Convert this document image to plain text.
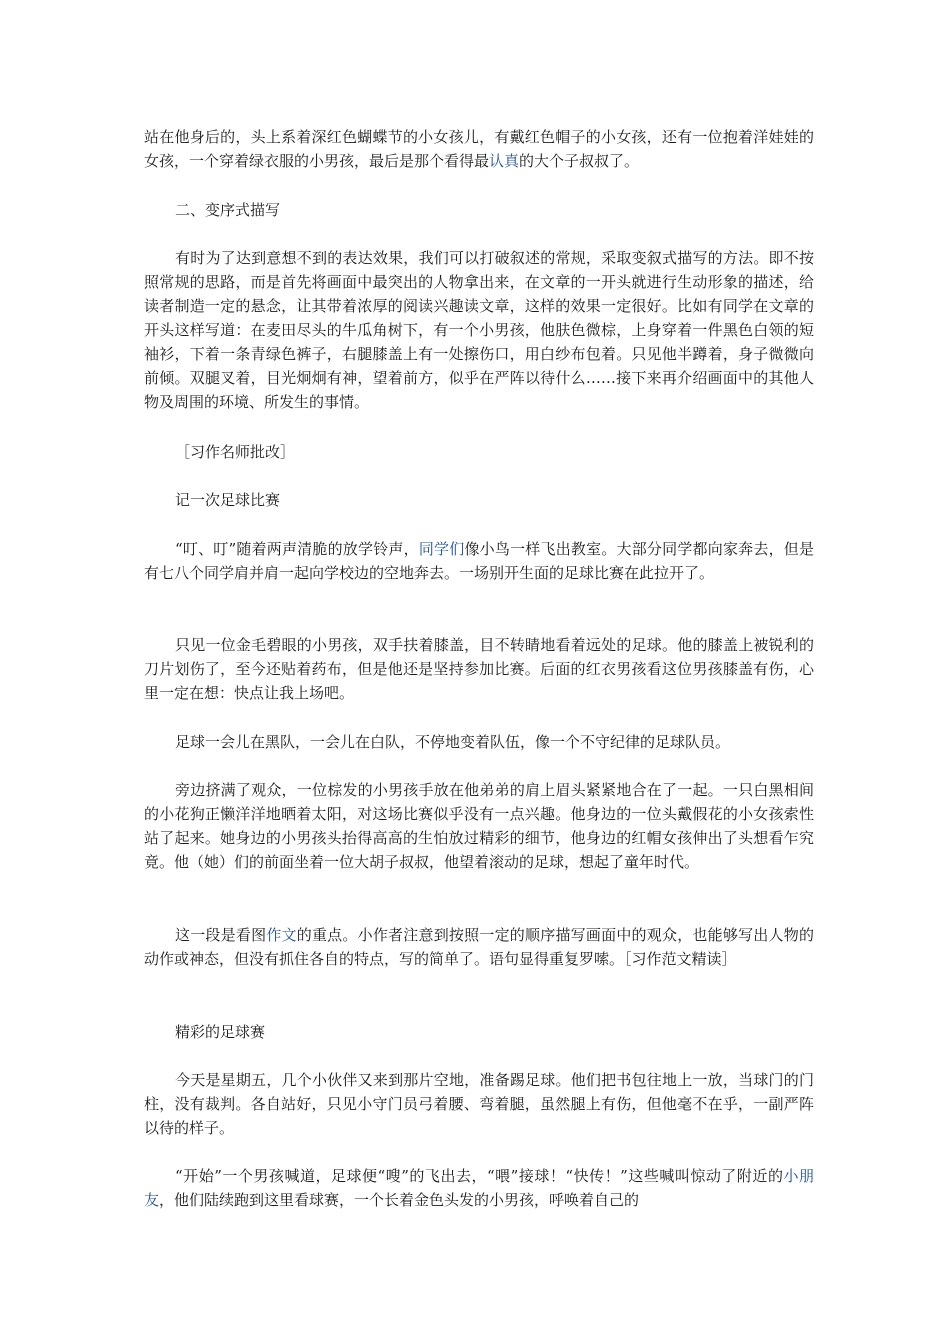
站在他身后的，头上系着深红色蝴蝶节的小女孩儿，有戴红色帽子的小女孩，还有一位抱着洋娃娃的女孩，一个穿着绿衣服的小男孩，最后是那个看得最认真的大个子叔叔了。

二、变序式描写

有时为了达到意想不到的表达效果，我们可以打破叙述的常规，采取变叙式描写的方法。即不按照常规的思路，而是首先将画面中最突出的人物拿出来，在文章的一开头就进行生动形象的描述，给读者制造一定的悬念，让其带着浓厚的阅读兴趣读文章，这样的效果一定很好。比如有同学在文章的开头这样写道：在麦田尽头的牛瓜角树下，有一个小男孩，他肤色微棕，上身穿着一件黑色白领的短袖衫，下着一条青绿色裤子，右腿膝盖上有一处擦伤口，用白纱布包着。只见他半蹲着，身子微微向前倾。双腿叉着，目光炯炯有神，望着前方，似乎在严阵以待什么……接下来再介绍画面中的其他人物及周围的环境、所发生的事情。

［习作名师批改］

记一次足球比赛

“叮、叮”随着两声清脆的放学铃声，同学们像小鸟一样飞出教室。大部分同学都向家奔去，但是有七八个同学肩并肩一起向学校边的空地奔去。一场别开生面的足球比赛在此拉开了。

只见一位金毛碧眼的小男孩，双手扶着膝盖，目不转睛地看着远处的足球。他的膝盖上被锐利的刀片划伤了，至今还贴着药布，但是他还是坚持参加比赛。后面的红衣男孩看这位男孩膝盖有伤，心里一定在想：快点让我上场吧。

足球一会儿在黑队，一会儿在白队，不停地变着队伍，像一个不守纪律的足球队员。

旁边挤满了观众，一位棕发的小男孩手放在他弟弟的肩上眉头紧紧地合在了一起。一只白黑相间的小花狗正懒洋洋地晒着太阳，对这场比赛似乎没有一点兴趣。他身边的一位头戴假花的小女孩索性站了起来。她身边的小男孩头抬得高高的生怕放过精彩的细节，他身边的红帽女孩伸出了头想看乍究竟。他（她）们的前面坐着一位大胡子叔叔，他望着滚动的足球，想起了童年时代。

这一段是看图作文的重点。小作者注意到按照一定的顺序描写画面中的观众，也能够写出人物的动作或神态，但没有抓住各自的特点，写的简单了。语句显得重复罗嗦。［习作范文精读］

精彩的足球赛

今天是星期五，几个小伙伴又来到那片空地，准备踢足球。他们把书包往地上一放，当球门的门柱，没有裁判。各自站好，只见小守门员弓着腰、弯着腿，虽然腿上有伤，但他毫不在乎，一副严阵以待的样子。

“开始”一个男孩喊道，足球便“嗖”的飞出去，“喂”接球！“快传！”这些喊叫惊动了附近的小朋友，他们陆续跑到这里看球赛，一个长着金色头发的小男孩，呼唤着自己的
